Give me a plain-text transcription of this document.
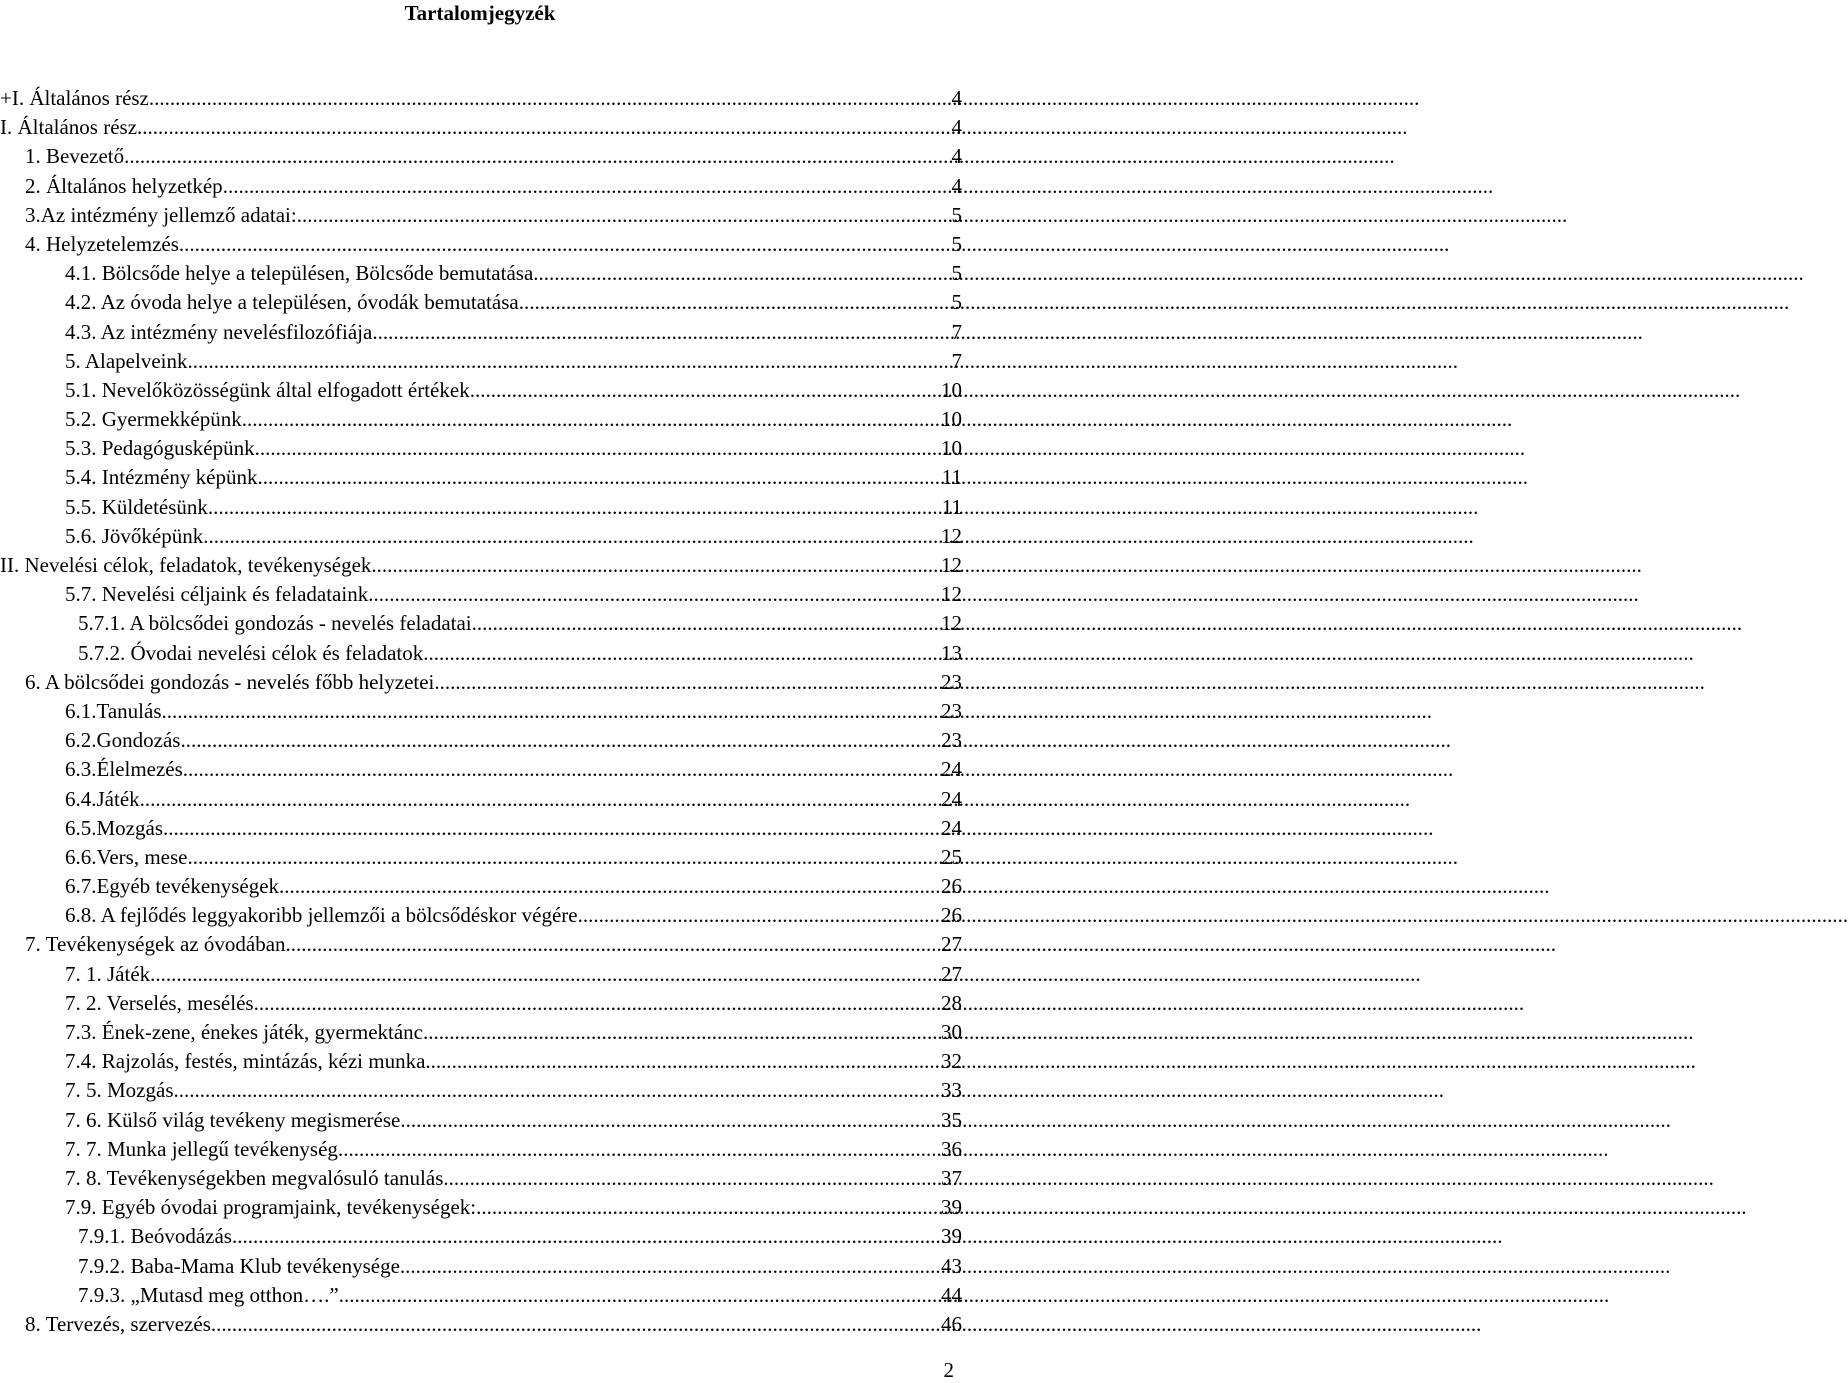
Tartalomjegyzék
+I. Általános rész .....	4
I. Általános rész .....	4
1. Bevezető .....	4
2. Általános helyzetkép .....	4
3.Az intézmény jellemző adatai: .....	5
4. Helyzetelemzés .....	5
4.1. Bölcsőde helye a településen, Bölcsőde bemutatása .....	5
4.2. Az óvoda helye a településen, óvodák bemutatása .....	5
4.3. Az intézmény nevelésfilozófiája .....	7
5. Alapelveink .....	7
5.1. Nevelőközösségünk által elfogadott értékek .....	10
5.2. Gyermekképünk .....	10
5.3. Pedagógusképünk .....	10
5.4. Intézmény képünk .....	11
5.5. Küldetésünk .....	11
5.6. Jövőképünk .....	12
II. Nevelési célok, feladatok, tevékenységek .....	12
5.7. Nevelési céljaink és feladataink .....	12
5.7.1. A bölcsődei gondozás - nevelés feladatai .....	12
5.7.2. Óvodai nevelési célok és feladatok .....	13
6. A bölcsődei gondozás - nevelés főbb helyzetei .....	23
6.1.Tanulás .....	23
6.2.Gondozás .....	23
6.3.Élelmezés .....	24
6.4.Játék .....	24
6.5.Mozgás .....	24
6.6.Vers, mese .....	25
6.7.Egyéb tevékenységek .....	26
6.8. A fejlődés leggyakoribb jellemzői a bölcsődéskor végére .....	26
7. Tevékenységek az óvodában .....	27
7. 1. Játék .....	27
7. 2. Verselés, mesélés .....	28
7.3. Ének-zene, énekes játék, gyermektánc .....	30
7.4. Rajzolás, festés, mintázás, kézi munka .....	32
7. 5. Mozgás .....	33
7. 6. Külső világ tevékeny megismerése .....	35
7. 7. Munka jellegű tevékenység .....	36
7. 8. Tevékenységekben megvalósuló tanulás .....	37
7.9. Egyéb óvodai programjaink, tevékenységek: .....	39
7.9.1. Beóvodázás .....	39
7.9.2. Baba-Mama Klub tevékenysége .....	43
7.9.3. „Mutasd meg otthon….” .....	44
8. Tervezés, szervezés .....	46
2
